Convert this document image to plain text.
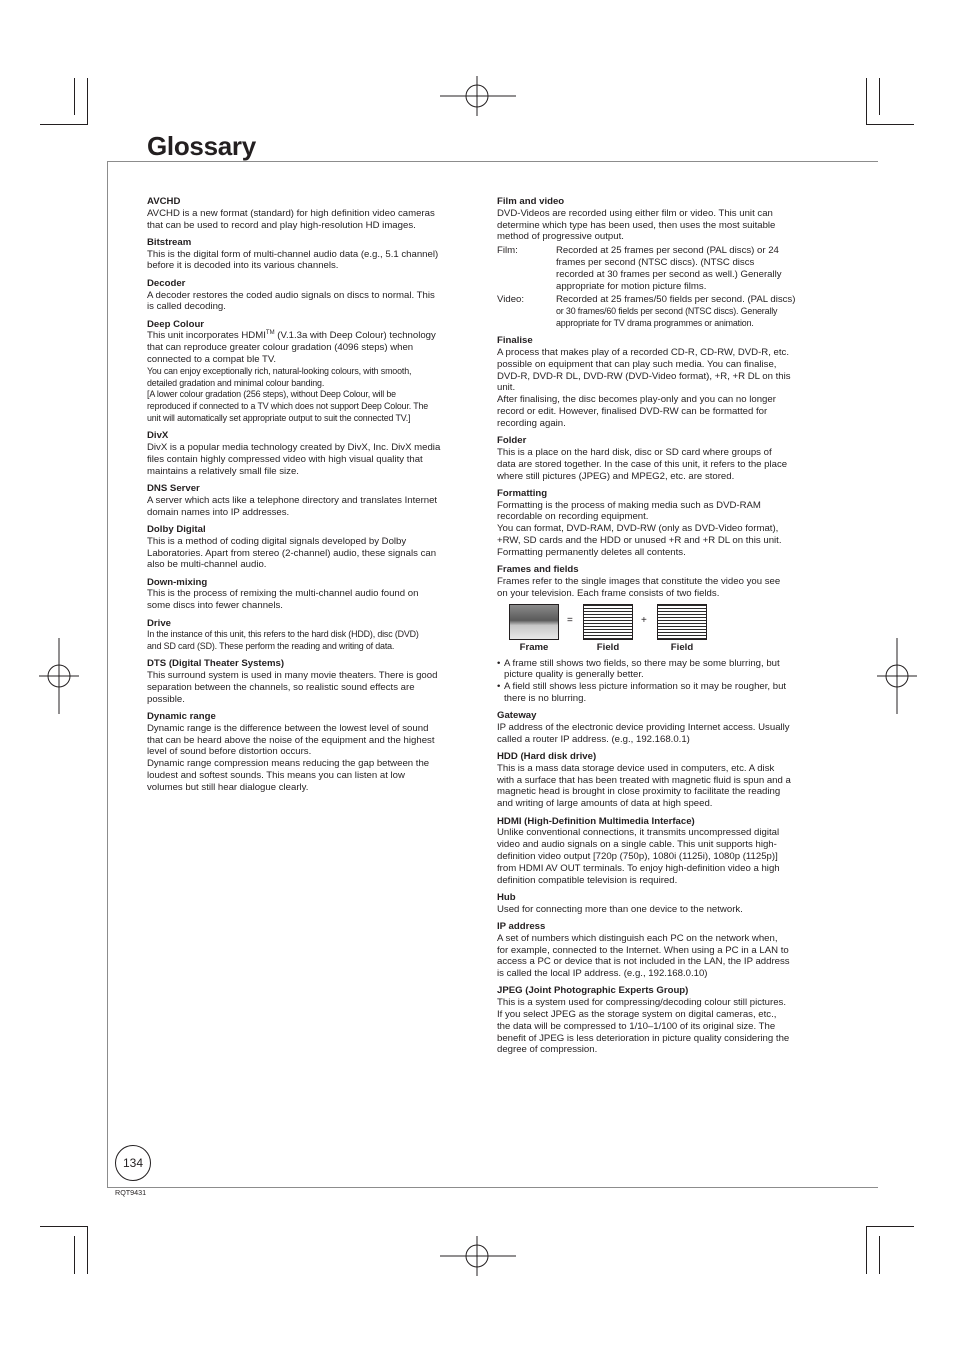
Glossary
AVCHD
AVCHD is a new format (standard) for high definition video cameras
that can be used to record and play high-resolution HD images.
Bitstream
This is the digital form of multi-channel audio data (e.g., 5.1 channel)
before it is decoded into its various channels.
Decoder
A decoder restores the coded audio signals on discs to normal. This
is called decoding.
Deep Colour
This unit incorporates HDMI™ (V.1.3a with Deep Colour) technology
that can reproduce greater colour gradation (4096 steps) when
connected to a compat ble TV.
You can enjoy exceptionally rich, natural-looking colours, with smooth,
detailed gradation and minimal colour banding.
[A lower colour gradation (256 steps), without Deep Colour, will be
reproduced if connected to a TV which does not support Deep Colour. The
unit will automatically set appropriate output to suit the connected TV.]
DivX
DivX is a popular media technology created by DivX, Inc. DivX media
files contain highly compressed video with high visual quality that
maintains a relatively small file size.
DNS Server
A server which acts like a telephone directory and translates Internet
domain names into IP addresses.
Dolby Digital
This is a method of coding digital signals developed by Dolby
Laboratories. Apart from stereo (2-channel) audio, these signals can
also be multi-channel audio.
Down-mixing
This is the process of remixing the multi-channel audio found on
some discs into fewer channels.
Drive
In the instance of this unit, this refers to the hard disk (HDD), disc (DVD)
and SD card (SD). These perform the reading and writing of data.
DTS (Digital Theater Systems)
This surround system is used in many movie theaters. There is good
separation between the channels, so realistic sound effects are
possible.
Dynamic range
Dynamic range is the difference between the lowest level of sound
that can be heard above the noise of the equipment and the highest
level of sound before distortion occurs.
Dynamic range compression means reducing the gap between the
loudest and softest sounds. This means you can listen at low
volumes but still hear dialogue clearly.
Film and video
DVD-Videos are recorded using either film or video. This unit can
determine which type has been used, then uses the most suitable
method of progressive output.
Film:	Recorded at 25 frames per second (PAL discs) or 24
frames per second (NTSC discs). (NTSC discs
recorded at 30 frames per second as well.) Generally
appropriate for motion picture films.
Video:	Recorded at 25 frames/50 fields per second. (PAL discs)
or 30 frames/60 fields per second (NTSC discs). Generally
appropriate for TV drama programmes or animation.
Finalise
A process that makes play of a recorded CD-R, CD-RW, DVD-R, etc.
possible on equipment that can play such media. You can finalise,
DVD-R, DVD-R DL, DVD-RW (DVD-Video format), +R, +R DL on this
unit.
After finalising, the disc becomes play-only and you can no longer
record or edit. However, finalised DVD-RW can be formatted for
recording again.
Folder
This is a place on the hard disk, disc or SD card where groups of
data are stored together. In the case of this unit, it refers to the place
where still pictures (JPEG) and MPEG2, etc. are stored.
Formatting
Formatting is the process of making media such as DVD-RAM
recordable on recording equipment.
You can format, DVD-RAM, DVD-RW (only as DVD-Video format),
+RW, SD cards and the HDD or unused +R and +R DL on this unit.
Formatting permanently deletes all contents.
Frames and fields
Frames refer to the single images that constitute the video you see
on your television. Each frame consists of two fields.
=	+
Frame	Field	Field
• A frame still shows two fields, so there may be some blurring, but
picture quality is generally better.
• A field still shows less picture information so it may be rougher, but
there is no blurring.
Gateway
IP address of the electronic device providing Internet access. Usually
called a router IP address. (e.g., 192.168.0.1)
HDD (Hard disk drive)
This is a mass data storage device used in computers, etc. A disk
with a surface that has been treated with magnetic fluid is spun and a
magnetic head is brought in close proximity to facilitate the reading
and writing of large amounts of data at high speed.
HDMI (High-Definition Multimedia Interface)
Unlike conventional connections, it transmits uncompressed digital
video and audio signals on a single cable. This unit supports high-
definition video output [720p (750p), 1080i (1125i), 1080p (1125p)]
from HDMI AV OUT terminals. To enjoy high-definition video a high
definition compatible television is required.
Hub
Used for connecting more than one device to the network.
IP address
A set of numbers which distinguish each PC on the network when,
for example, connected to the Internet. When using a PC in a LAN to
access a PC or device that is not included in the LAN, the IP address
is called the local IP address. (e.g., 192.168.0.10)
JPEG (Joint Photographic Experts Group)
This is a system used for compressing/decoding colour still pictures.
If you select JPEG as the storage system on digital cameras, etc.,
the data will be compressed to 1/10–1/100 of its original size. The
benefit of JPEG is less deterioration in picture quality considering the
degree of compression.
134
RQT9431
